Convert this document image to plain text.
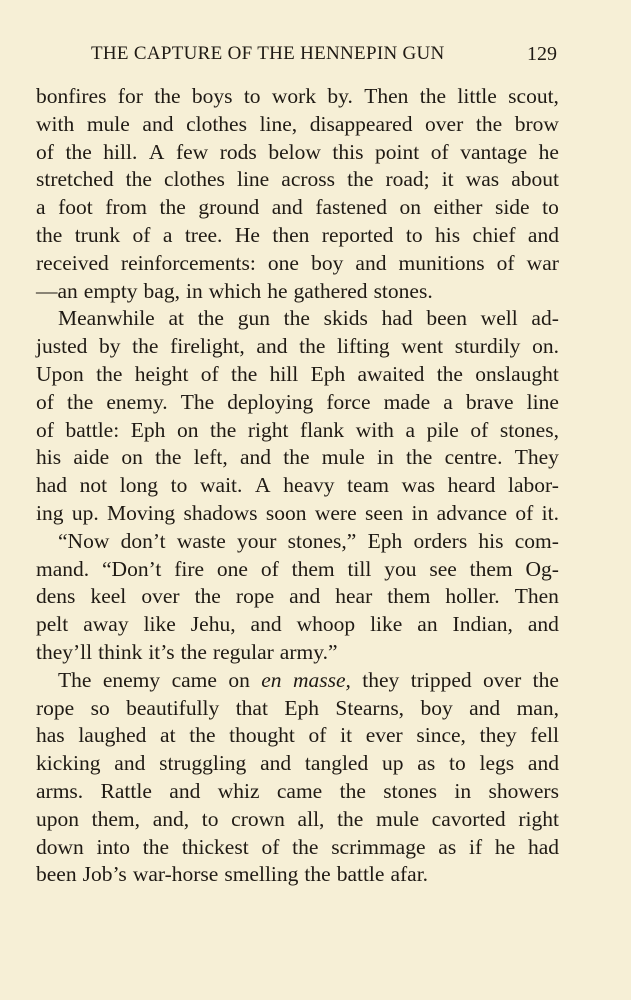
THE CAPTURE OF THE HENNEPIN GUN	129
bonfires for the boys to work by. Then the little scout,
with mule and clothes line, disappeared over the brow
of the hill. A few rods below this point of vantage he
stretched the clothes line across the road; it was about
a foot from the ground and fastened on either side to
the trunk of a tree. He then reported to his chief and
received reinforcements: one boy and munitions of war
—an empty bag, in which he gathered stones.
Meanwhile at the gun the skids had been well ad-
justed by the firelight, and the lifting went sturdily on.
Upon the height of the hill Eph awaited the onslaught
of the enemy. The deploying force made a brave line
of battle: Eph on the right flank with a pile of stones,
his aide on the left, and the mule in the centre. They
had not long to wait. A heavy team was heard labor-
ing up. Moving shadows soon were seen in advance of it.
“Now don’t waste your stones,” Eph orders his com-
mand. “Don’t fire one of them till you see them Og-
dens keel over the rope and hear them holler. Then
pelt away like Jehu, and whoop like an Indian, and
they’ll think it’s the regular army.”
The enemy came on en masse, they tripped over the
rope so beautifully that Eph Stearns, boy and man,
has laughed at the thought of it ever since, they fell
kicking and struggling and tangled up as to legs and
arms. Rattle and whiz came the stones in showers
upon them, and, to crown all, the mule cavorted right
down into the thickest of the scrimmage as if he had
been Job’s war-horse smelling the battle afar.
